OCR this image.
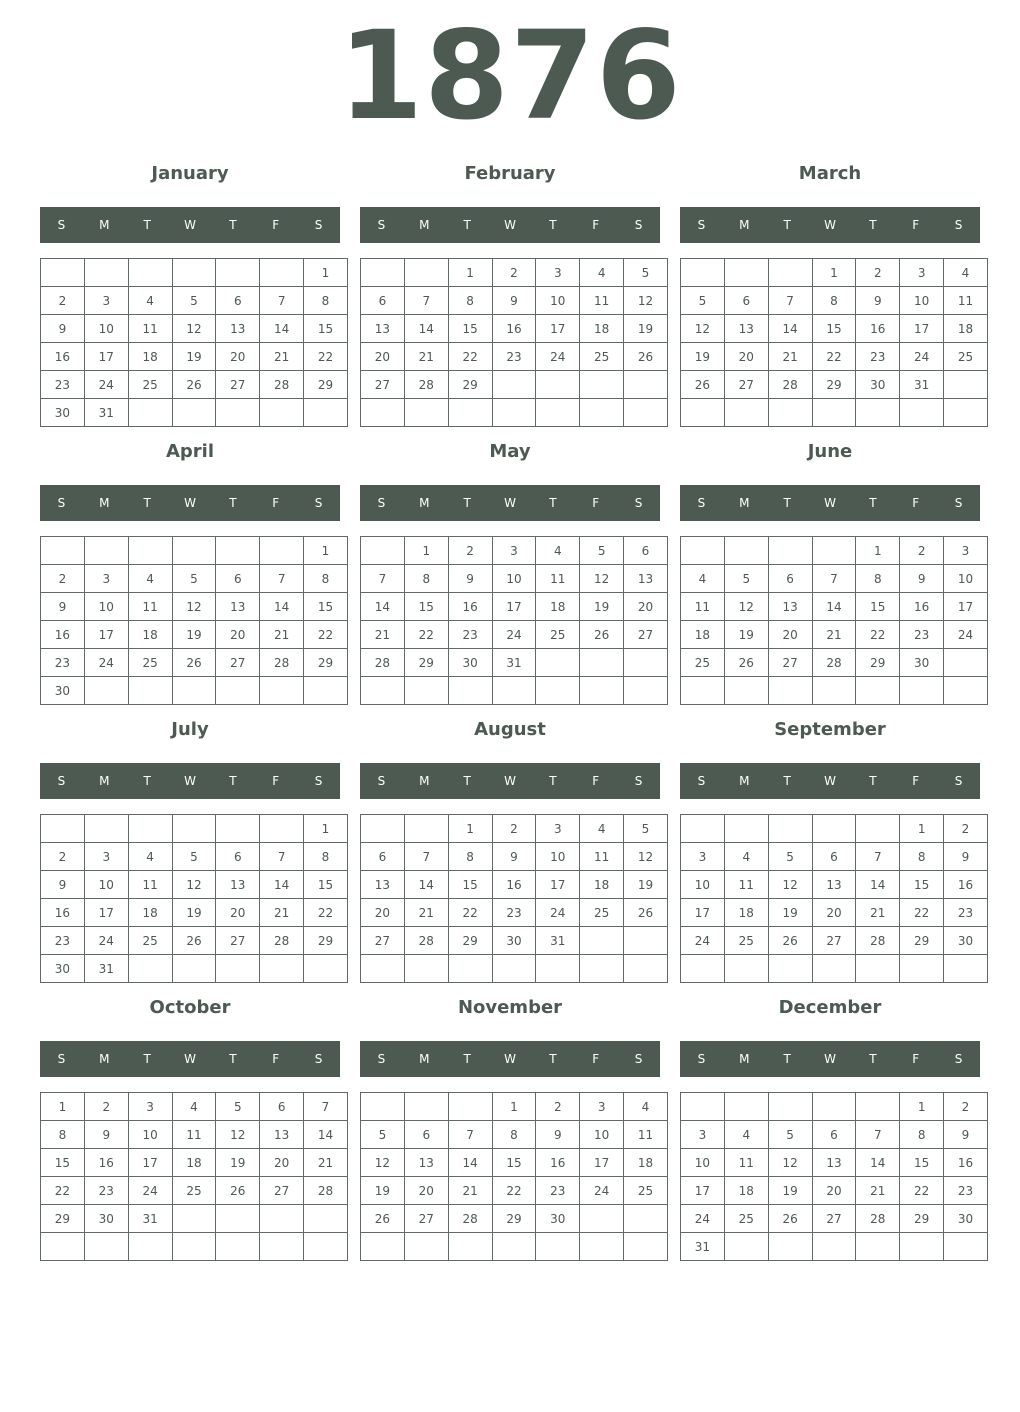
1876
January
S	M	T	W	T	F	S
						1
2	3	4	5	6	7	8
9	10	11	12	13	14	15
16	17	18	19	20	21	22
23	24	25	26	27	28	29
30	31					
February
S	M	T	W	T	F	S
		1	2	3	4	5
6	7	8	9	10	11	12
13	14	15	16	17	18	19
20	21	22	23	24	25	26
27	28	29				

March
S	M	T	W	T	F	S
			1	2	3	4
5	6	7	8	9	10	11
12	13	14	15	16	17	18
19	20	21	22	23	24	25
26	27	28	29	30	31	

April
S	M	T	W	T	F	S
						1
2	3	4	5	6	7	8
9	10	11	12	13	14	15
16	17	18	19	20	21	22
23	24	25	26	27	28	29
30						
May
S	M	T	W	T	F	S
	1	2	3	4	5	6
7	8	9	10	11	12	13
14	15	16	17	18	19	20
21	22	23	24	25	26	27
28	29	30	31			

June
S	M	T	W	T	F	S
				1	2	3
4	5	6	7	8	9	10
11	12	13	14	15	16	17
18	19	20	21	22	23	24
25	26	27	28	29	30	

July
S	M	T	W	T	F	S
						1
2	3	4	5	6	7	8
9	10	11	12	13	14	15
16	17	18	19	20	21	22
23	24	25	26	27	28	29
30	31					
August
S	M	T	W	T	F	S
		1	2	3	4	5
6	7	8	9	10	11	12
13	14	15	16	17	18	19
20	21	22	23	24	25	26
27	28	29	30	31		

September
S	M	T	W	T	F	S
					1	2
3	4	5	6	7	8	9
10	11	12	13	14	15	16
17	18	19	20	21	22	23
24	25	26	27	28	29	30

October
S	M	T	W	T	F	S
1	2	3	4	5	6	7
8	9	10	11	12	13	14
15	16	17	18	19	20	21
22	23	24	25	26	27	28
29	30	31				

November
S	M	T	W	T	F	S
			1	2	3	4
5	6	7	8	9	10	11
12	13	14	15	16	17	18
19	20	21	22	23	24	25
26	27	28	29	30		

December
S	M	T	W	T	F	S
					1	2
3	4	5	6	7	8	9
10	11	12	13	14	15	16
17	18	19	20	21	22	23
24	25	26	27	28	29	30
31						
